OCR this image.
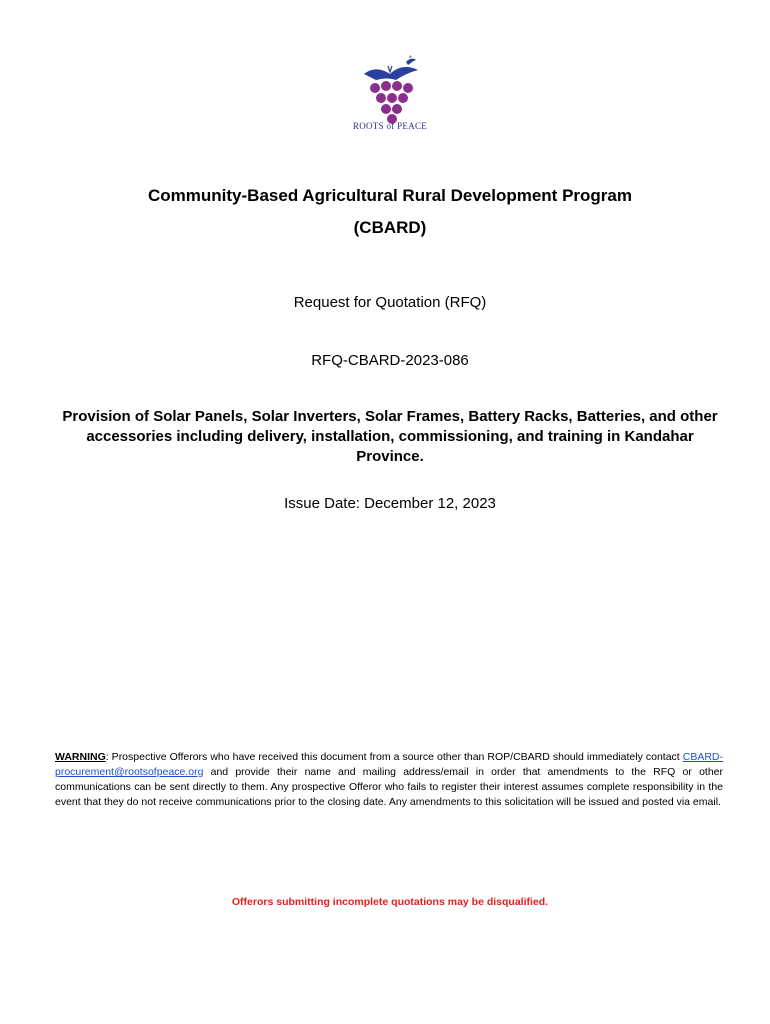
ROOTS of PEACE
Community-Based Agricultural Rural Development Program
(CBARD)
Request for Quotation (RFQ)
RFQ-CBARD-2023-086
Provision of Solar Panels, Solar Inverters, Solar Frames, Battery Racks, Batteries, and other accessories including delivery, installation, commissioning, and training in Kandahar Province.
Issue Date: December 12, 2023
WARNING: Prospective Offerors who have received this document from a source other than ROP/CBARD should immediately contact CBARD-procurement@rootsofpeace.org and provide their name and mailing address/email in order that amendments to the RFQ or other communications can be sent directly to them. Any prospective Offeror who fails to register their interest assumes complete responsibility in the event that they do not receive communications prior to the closing date. Any amendments to this solicitation will be issued and posted via email.
Offerors submitting incomplete quotations may be disqualified.
